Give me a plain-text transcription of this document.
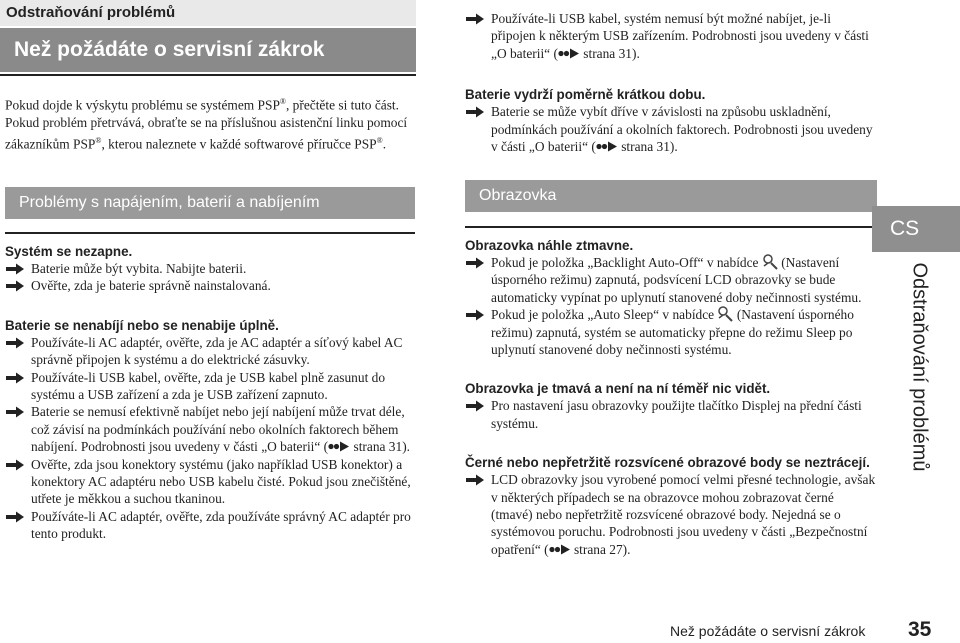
Odstraňování problémů
Než požádáte o servisní zákrok
Pokud dojde k výskytu problému se systémem PSP®, přečtěte si tuto část. Pokud problém přetrvává, obraťte se na příslušnou asistenční linku pomocí zákazníkům PSP®, kterou naleznete v každé softwarové příručce PSP®.
Problémy s napájením, baterií a nabíjením

Systém se nezapne.

Baterie může být vybita. Nabijte baterii.
Ověřte, zda je baterie správně nainstalovaná.

Baterie se nenabíjí nebo se nenabije úplně.

Používáte-li AC adaptér, ověřte, zda je AC adaptér a síťový kabel AC správně připojen k systému a do elektrické zásuvky.
Používáte-li USB kabel, ověřte, zda je USB kabel plně zasunut do systému a USB zařízení a zda je USB zařízení zapnuto.
Baterie se nemusí efektivně nabíjet nebo její nabíjení může trvat déle, což závisí na podmínkách používání nebo okolních faktorech během nabíjení. Podrobnosti jsou uvedeny v části „O baterii“ ( strana 31).
Ověřte, zda jsou konektory systému (jako například USB konektor) a konektory AC adaptéru nebo USB kabelu čisté. Pokud jsou znečištěné, utřete je měkkou a suchou tkaninou.
Používáte-li AC adaptér, ověřte, zda používáte správný AC adaptér pro tento produkt.
Používáte-li USB kabel, systém nemusí být možné nabíjet, je-li připojen k některým USB zařízením. Podrobnosti jsou uvedeny v části „O baterii“ ( strana 31).

Baterie vydrží poměrně krátkou dobu.

Baterie se může vybít dříve v závislosti na způsobu uskladnění, podmínkách používání a okolních faktorech. Podrobnosti jsou uvedeny v části „O baterii“ ( strana 31).
Obrazovka

Obrazovka náhle ztmavne.

Pokud je položka „Backlight Auto-Off“ v nabídce  (Nastavení úsporného režimu) zapnutá, podsvícení LCD obrazovky se bude automaticky vypínat po uplynutí stanovené doby nečinnosti systému.
Pokud je položka „Auto Sleep“ v nabídce  (Nastavení úsporného režimu) zapnutá, systém se automaticky přepne do režimu Sleep po uplynutí stanovené doby nečinnosti systému.

Obrazovka je tmavá a není na ní téměř nic vidět.

Pro nastavení jasu obrazovky použijte tlačítko Displej na přední části systému.

Černé nebo nepřetržitě rozsvícené obrazové body se neztrácejí.

LCD obrazovky jsou vyrobené pomocí velmi přesné technologie, avšak v některých případech se na obrazovce mohou zobrazovat černé (tmavé) nebo nepřetržitě rozsvícené obrazové body. Nejedná se o systémovou poruchu. Podrobnosti jsou uvedeny v části „Bezpečnostní opatření“ ( strana 27).
CS
Odstraňování problémů
Než požádáte o servisní zákrok 35
